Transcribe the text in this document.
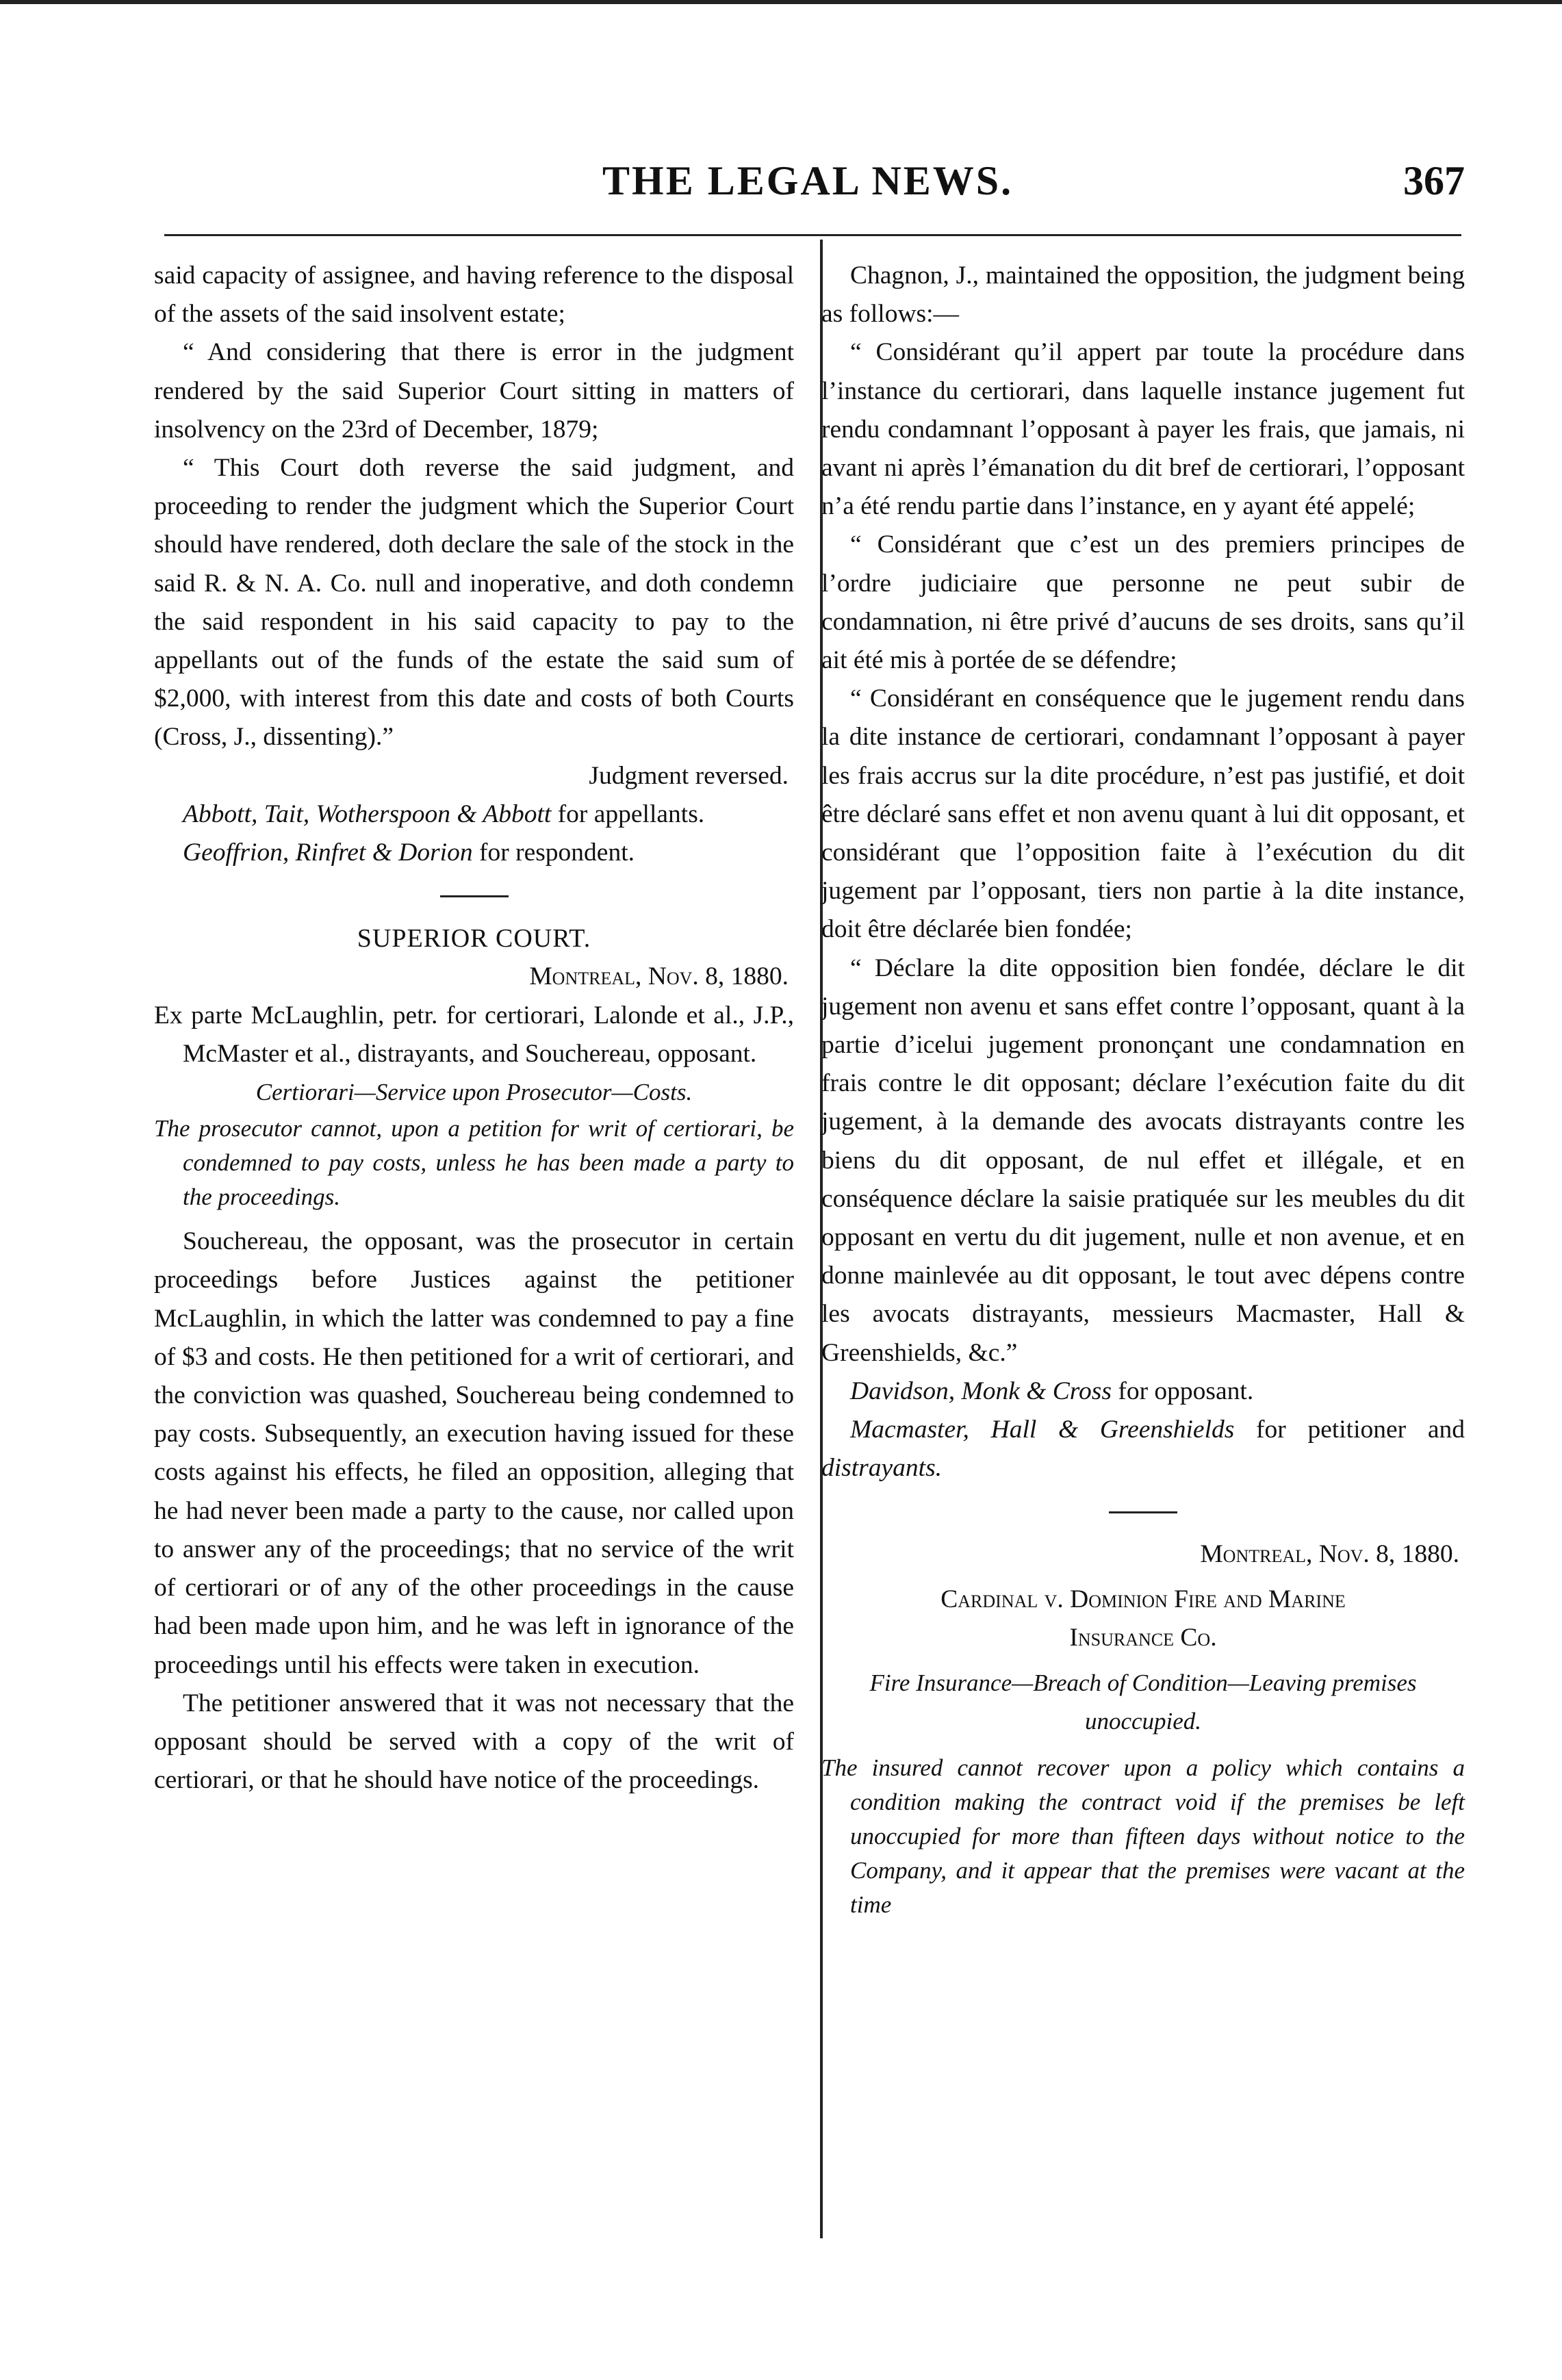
THE LEGAL NEWS.	367

said capacity of assignee, and having reference to the disposal of the assets of the said insolvent estate;

“ And considering that there is error in the judgment rendered by the said Superior Court sitting in matters of insolvency on the 23rd of December, 1879;

“ This Court doth reverse the said judgment, and proceeding to render the judgment which the Superior Court should have rendered, doth declare the sale of the stock in the said R. & N. A. Co. null and inoperative, and doth condemn the said respondent in his said capacity to pay to the appellants out of the funds of the estate the said sum of $2,000, with interest from this date and costs of both Courts (Cross, J., dissenting).”

Judgment reversed.

Abbott, Tait, Wotherspoon & Abbott for appellants.

Geoffrion, Rinfret & Dorion for respondent.

SUPERIOR COURT.

Montreal, Nov. 8, 1880.

Ex parte McLaughlin, petr. for certiorari, Lalonde et al., J.P., McMaster et al., distrayants, and Souchereau, opposant.

Certiorari—Service upon Prosecutor—Costs.

The prosecutor cannot, upon a petition for writ of certiorari, be condemned to pay costs, unless he has been made a party to the proceedings.

Souchereau, the opposant, was the prosecutor in certain proceedings before Justices against the petitioner McLaughlin, in which the latter was condemned to pay a fine of $3 and costs. He then petitioned for a writ of certiorari, and the conviction was quashed, Souchereau being condemned to pay costs. Subsequently, an execution having issued for these costs against his effects, he filed an opposition, alleging that he had never been made a party to the cause, nor called upon to answer any of the proceedings; that no service of the writ of certiorari or of any of the other proceedings in the cause had been made upon him, and he was left in ignorance of the proceedings until his effects were taken in execution.

The petitioner answered that it was not necessary that the opposant should be served with a copy of the writ of certiorari, or that he should have notice of the proceedings.

Chagnon, J., maintained the opposition, the judgment being as follows:—

“ Considérant qu’il appert par toute la procédure dans l’instance du certiorari, dans laquelle instance jugement fut rendu condamnant l’opposant à payer les frais, que jamais, ni avant ni après l’émanation du dit bref de certiorari, l’opposant n’a été rendu partie dans l’instance, en y ayant été appelé;

“ Considérant que c’est un des premiers principes de l’ordre judiciaire que personne ne peut subir de condamnation, ni être privé d’aucuns de ses droits, sans qu’il ait été mis à portée de se défendre;

“ Considérant en conséquence que le jugement rendu dans la dite instance de certiorari, condamnant l’opposant à payer les frais accrus sur la dite procédure, n’est pas justifié, et doit être déclaré sans effet et non avenu quant à lui dit opposant, et considérant que l’opposition faite à l’exécution du dit jugement par l’opposant, tiers non partie à la dite instance, doit être déclarée bien fondée;

“ Déclare la dite opposition bien fondée, déclare le dit jugement non avenu et sans effet contre l’opposant, quant à la partie d’icelui jugement prononçant une condamnation en frais contre le dit opposant; déclare l’exécution faite du dit jugement, à la demande des avocats distrayants contre les biens du dit opposant, de nul effet et illégale, et en conséquence déclare la saisie pratiquée sur les meubles du dit opposant en vertu du dit jugement, nulle et non avenue, et en donne mainlevée au dit opposant, le tout avec dépens contre les avocats distrayants, messieurs Macmaster, Hall & Greenshields, &c.”

Davidson, Monk & Cross for opposant.

Macmaster, Hall & Greenshields for petitioner and distrayants.

Montreal, Nov. 8, 1880.

Cardinal v. Dominion Fire and Marine

Insurance Co.

Fire Insurance—Breach of Condition—Leaving premises unoccupied.

The insured cannot recover upon a policy which contains a condition making the contract void if the premises be left unoccupied for more than fifteen days without notice to the Company, and it appear that the premises were vacant at the time
